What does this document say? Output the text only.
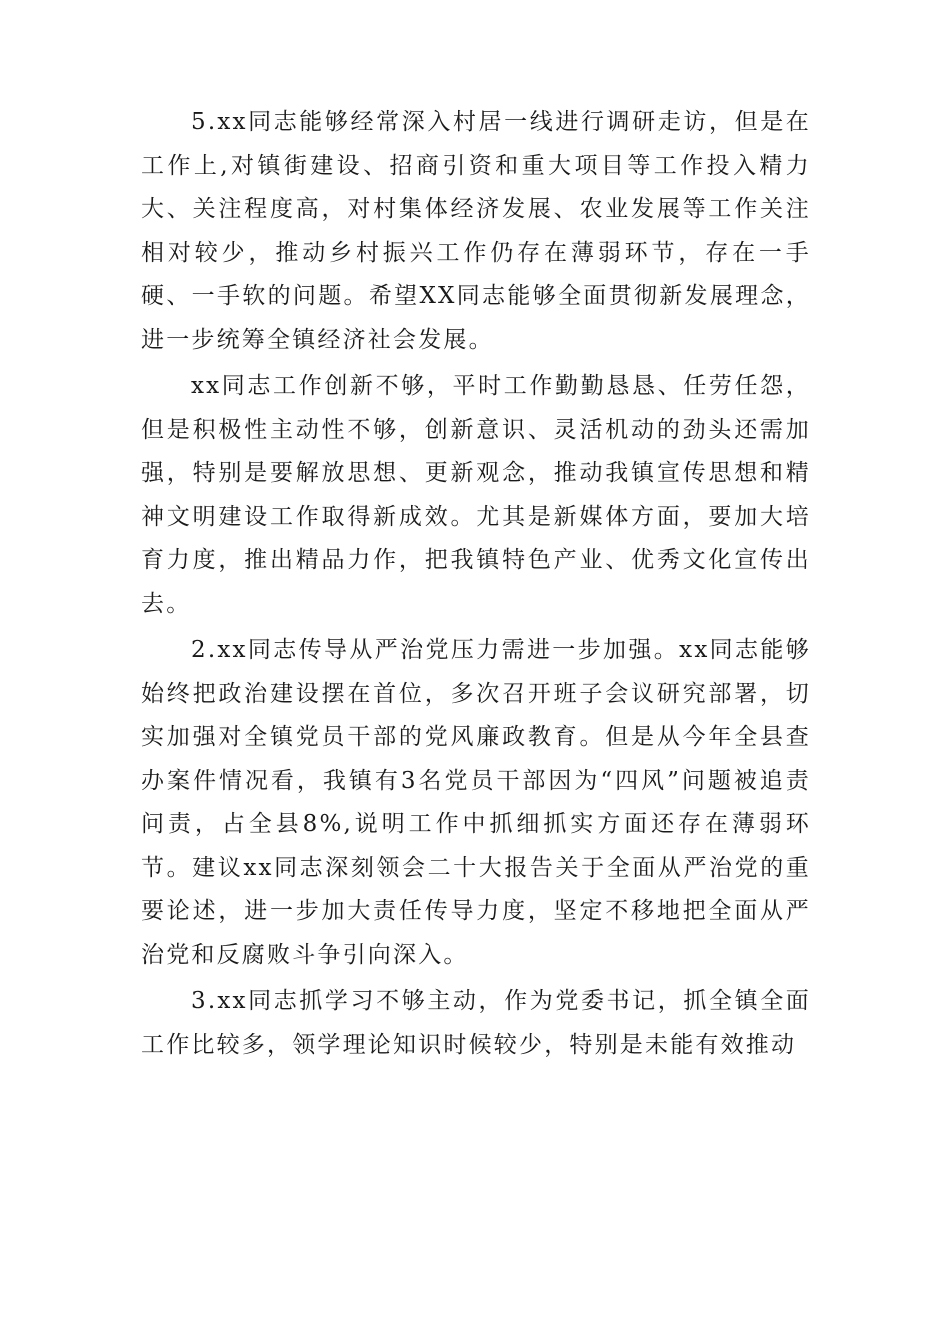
5.xx同志能够经常深入村居一线进行调研走访，但是在工作上,对镇街建设、招商引资和重大项目等工作投入精力大、关注程度高，对村集体经济发展、农业发展等工作关注相对较少，推动乡村振兴工作仍存在薄弱环节，存在一手硬、一手软的问题。希望XX同志能够全面贯彻新发展理念，进一步统筹全镇经济社会发展。

xx同志工作创新不够，平时工作勤勤恳恳、任劳任怨，但是积极性主动性不够，创新意识、灵活机动的劲头还需加强，特别是要解放思想、更新观念，推动我镇宣传思想和精神文明建设工作取得新成效。尤其是新媒体方面，要加大培育力度，推出精品力作，把我镇特色产业、优秀文化宣传出去。

2.xx同志传导从严治党压力需进一步加强。xx同志能够始终把政治建设摆在首位，多次召开班子会议研究部署，切实加强对全镇党员干部的党风廉政教育。但是从今年全县查办案件情况看，我镇有3名党员干部因为“四风”问题被追责问责，占全县8%,说明工作中抓细抓实方面还存在薄弱环节。建议xx同志深刻领会二十大报告关于全面从严治党的重要论述，进一步加大责任传导力度，坚定不移地把全面从严治党和反腐败斗争引向深入。

3.xx同志抓学习不够主动，作为党委书记，抓全镇全面工作比较多，领学理论知识时候较少，特别是未能有效推动
